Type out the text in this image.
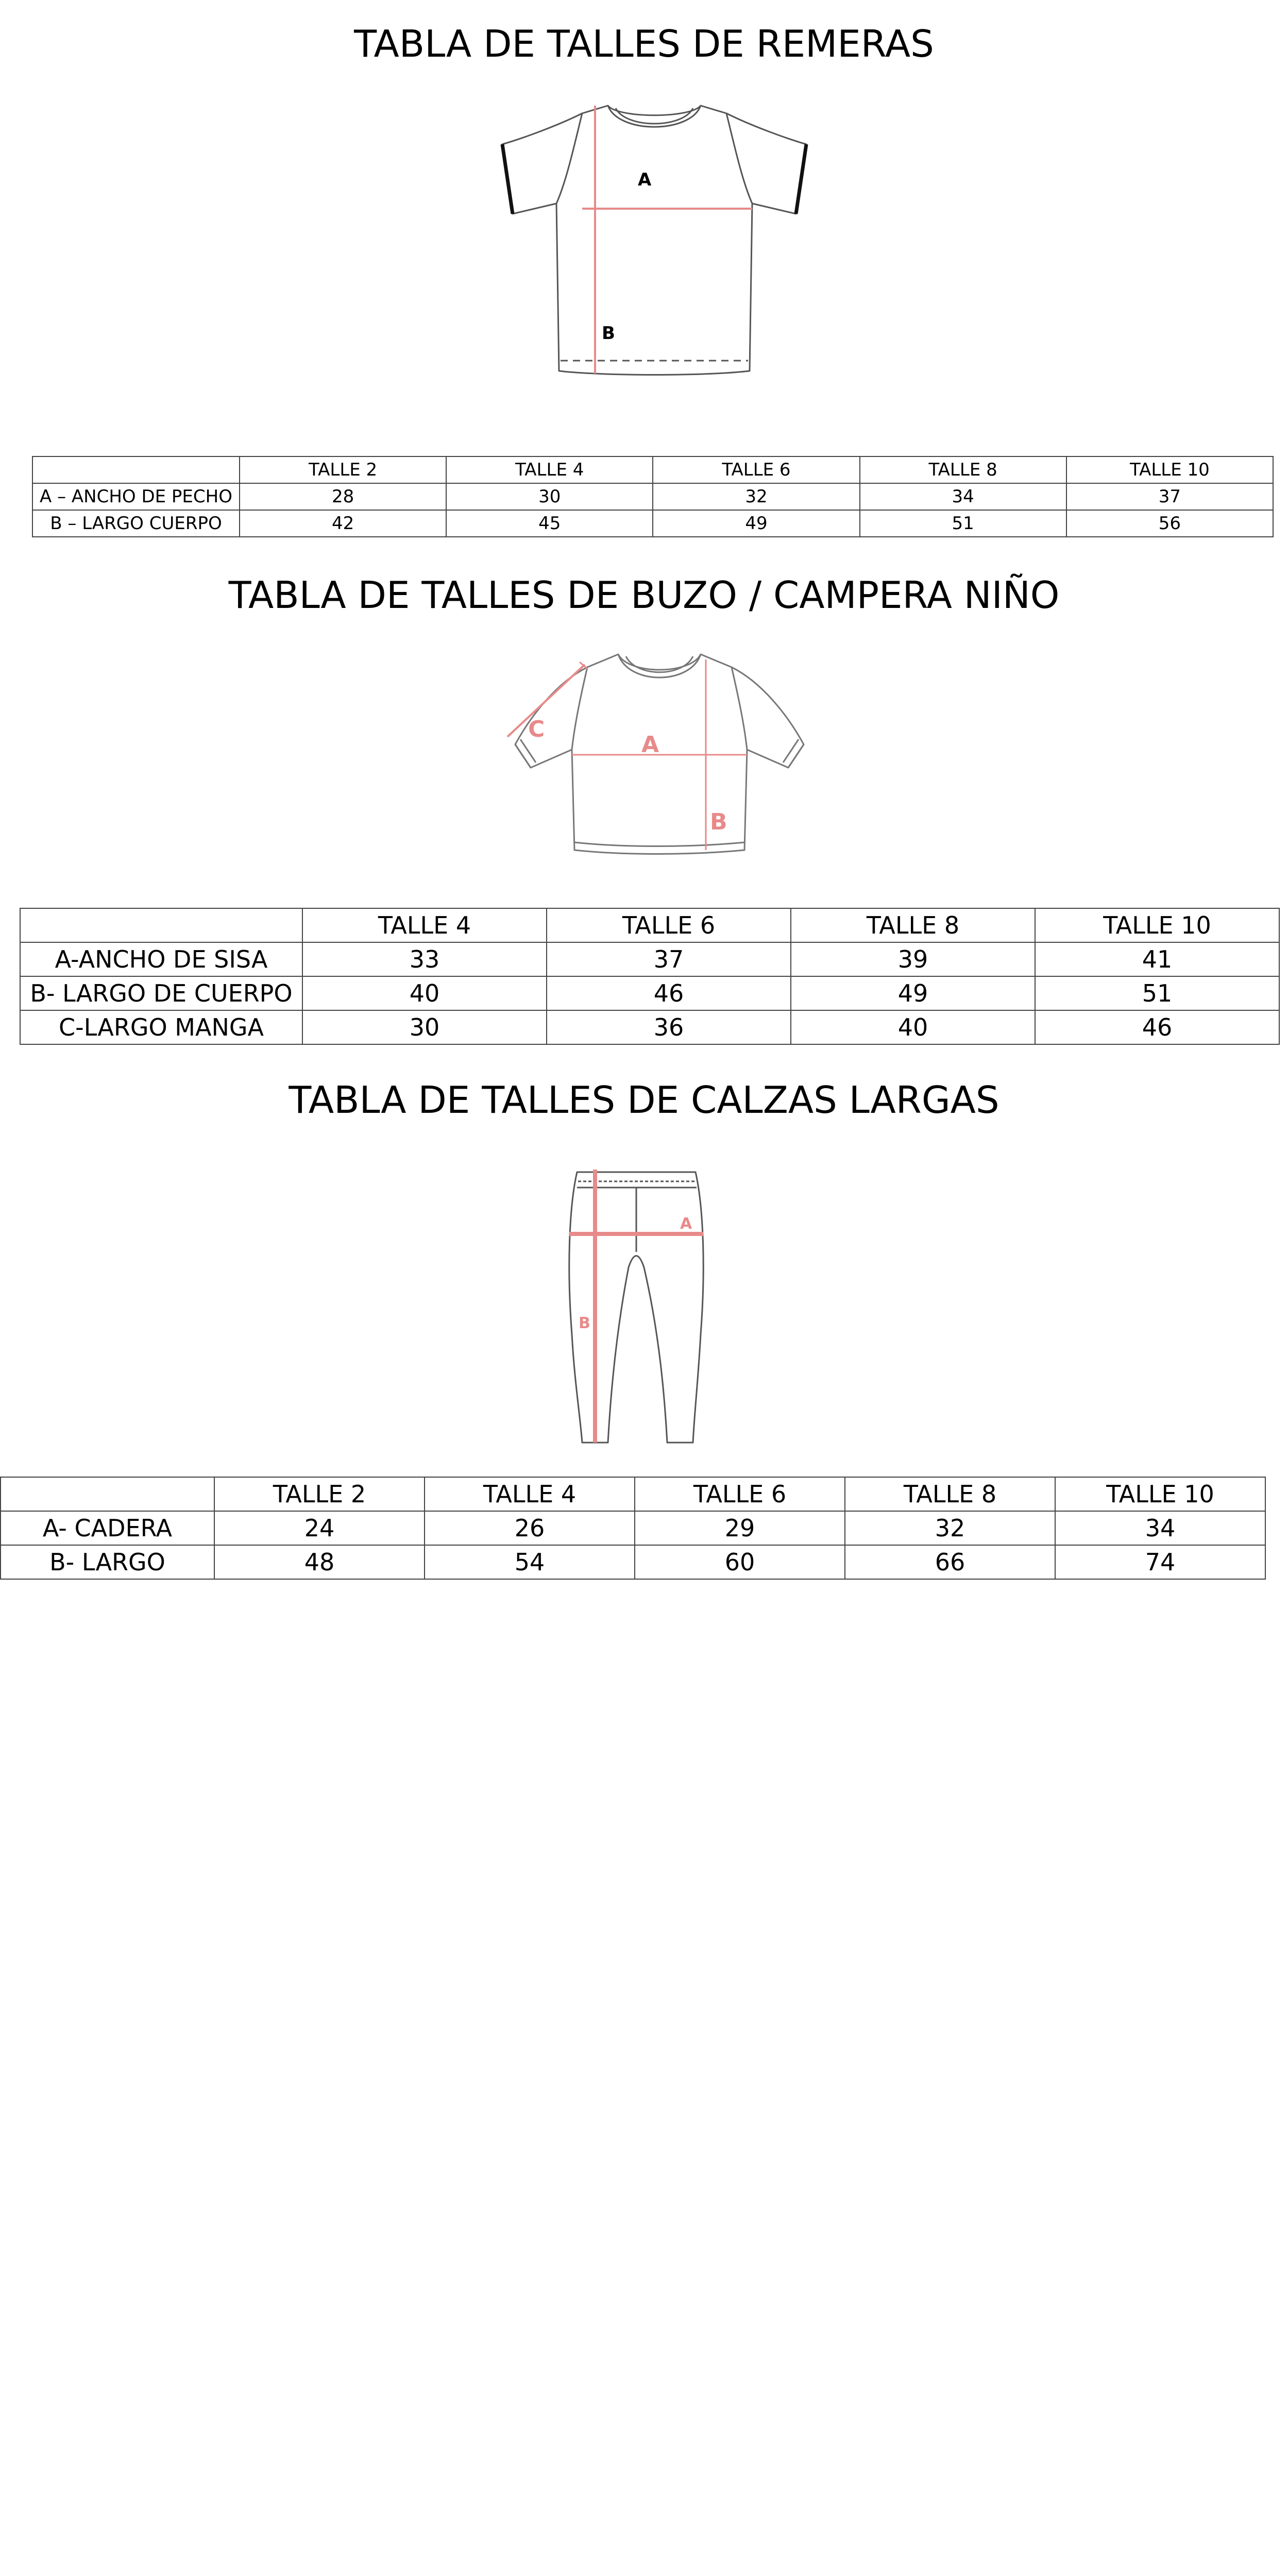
TABLA DE TALLES DE REMERAS
A
B
	TALLE 2	TALLE 4	TALLE 6	TALLE 8	TALLE 10
A – ANCHO DE PECHO	28	30	32	34	37
B – LARGO CUERPO	42	45	49	51	56
TABLA DE TALLES DE BUZO / CAMPERA NIÑO
A
B
C
	TALLE 4	TALLE 6	TALLE 8	TALLE 10
A-ANCHO DE SISA	33	37	39	41
B- LARGO DE CUERPO	40	46	49	51
C-LARGO MANGA	30	36	40	46
TABLA DE TALLES DE CALZAS LARGAS
A
B
	TALLE 2	TALLE 4	TALLE 6	TALLE 8	TALLE 10
A- CADERA	24	26	29	32	34
B- LARGO	48	54	60	66	74
